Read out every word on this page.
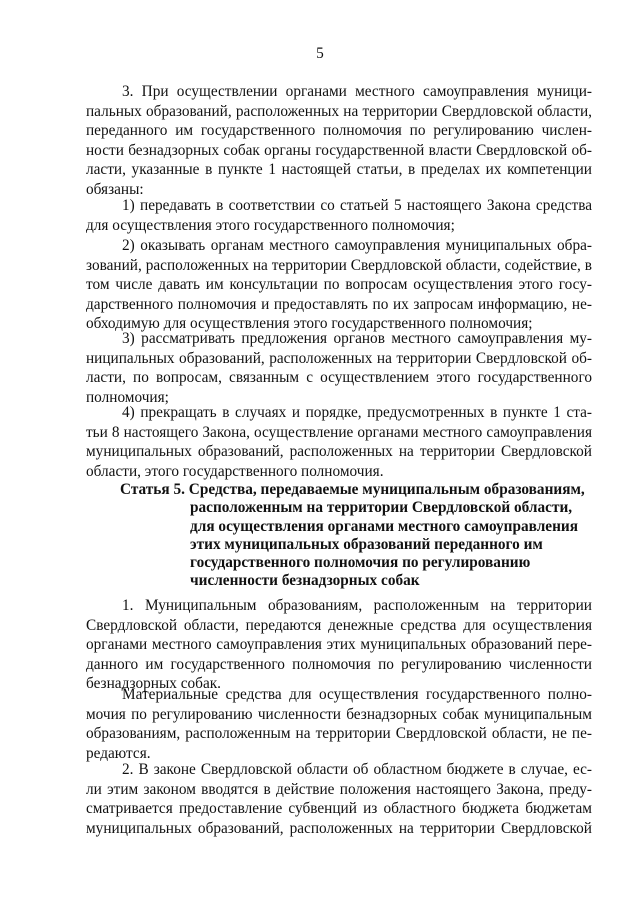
5
3. При осуществлении органами местного самоуправления муници-
пальных образований, расположенных на территории Свердловской области,
переданного им государственного полномочия по регулированию числен-
ности безнадзорных собак органы государственной власти Свердловской об-
ласти, указанные в пункте 1 настоящей статьи, в пределах их компетенции
обязаны:
1) передавать в соответствии со статьей 5 настоящего Закона средства
для осуществления этого государственного полномочия;
2) оказывать органам местного самоуправления муниципальных обра-
зований, расположенных на территории Свердловской области, содействие, в
том числе давать им консультации по вопросам осуществления этого госу-
дарственного полномочия и предоставлять по их запросам информацию, не-
обходимую для осуществления этого государственного полномочия;
3) рассматривать предложения органов местного самоуправления му-
ниципальных образований, расположенных на территории Свердловской об-
ласти, по вопросам, связанным с осуществлением этого государственного
полномочия;
4) прекращать в случаях и порядке, предусмотренных в пункте 1 ста-
тьи 8 настоящего Закона, осуществление органами местного самоуправления
муниципальных образований, расположенных на территории Свердловской
области, этого государственного полномочия.
Статья 5. Средства, передаваемые муниципальным образованиям,
расположенным на территории Свердловской области,
для осуществления органами местного самоуправления
этих муниципальных образований переданного им
государственного полномочия по регулированию
численности безнадзорных собак
1. Муниципальным образованиям, расположенным на территории
Свердловской области, передаются денежные средства для осуществления
органами местного самоуправления этих муниципальных образований пере-
данного им государственного полномочия по регулированию численности
безнадзорных собак.
Материальные средства для осуществления государственного полно-
мочия по регулированию численности безнадзорных собак муниципальным
образованиям, расположенным на территории Свердловской области, не пе-
редаются.
2. В законе Свердловской области об областном бюджете в случае, ес-
ли этим законом вводятся в действие положения настоящего Закона, преду-
сматривается предоставление субвенций из областного бюджета бюджетам
муниципальных образований, расположенных на территории Свердловской
